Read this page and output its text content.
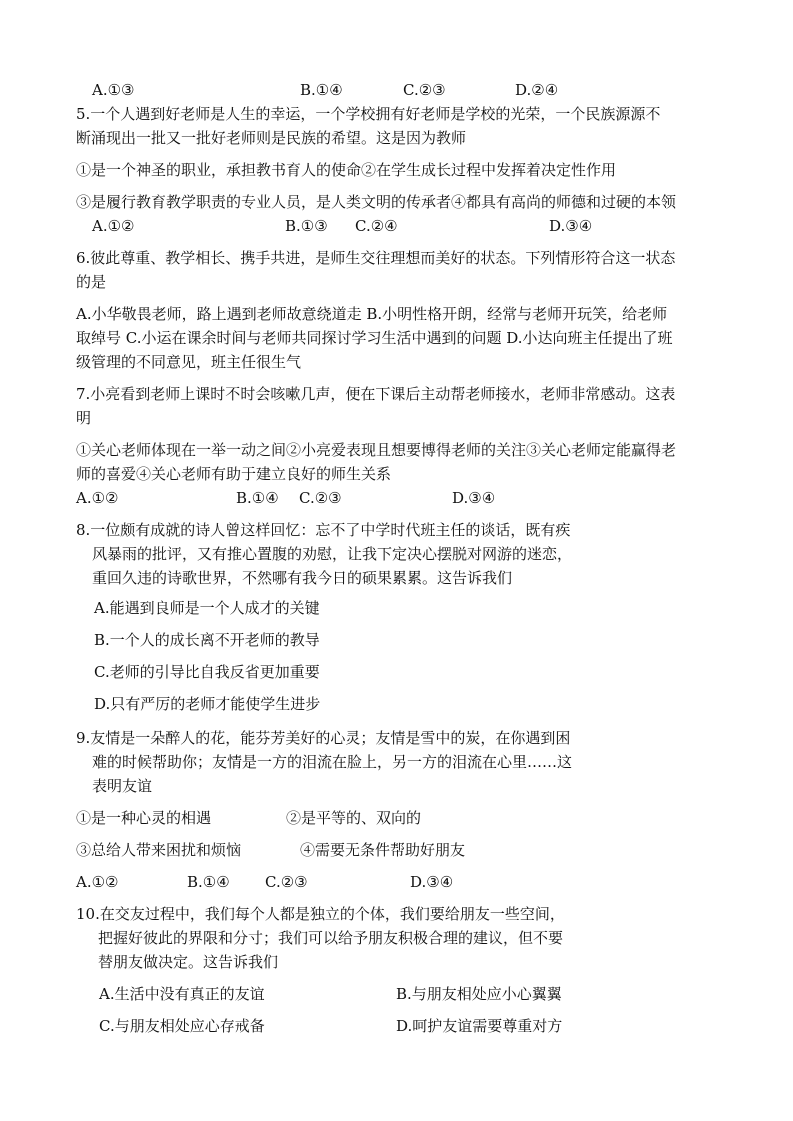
A.①③	B.①④	C.②③	D.②④
5.一个人遇到好老师是人生的幸运，一个学校拥有好老师是学校的光荣，一个民族源源不
断涌现出一批又一批好老师则是民族的希望。这是因为教师
①是一个神圣的职业，承担教书育人的使命②在学生成长过程中发挥着决定性作用
③是履行教育教学职责的专业人员，是人类文明的传承者④都具有高尚的师德和过硬的本领
A.①②	B.①③ C.②④	D.③④
6.彼此尊重、教学相长、携手共进，是师生交往理想而美好的状态。下列情形符合这一状态
的是
A.小华敬畏老师，路上遇到老师故意绕道走 B.小明性格开朗，经常与老师开玩笑，给老师
取绰号 C.小运在课余时间与老师共同探讨学习生活中遇到的问题 D.小达向班主任提出了班
级管理的不同意见，班主任很生气
7.小亮看到老师上课时不时会咳嗽几声，便在下课后主动帮老师接水，老师非常感动。这表
明
①关心老师体现在一举一动之间②小亮爱表现且想要博得老师的关注③关心老师定能赢得老
师的喜爱④关心老师有助于建立良好的师生关系
A.①②	B.①④ C.②③	D.③④
8.一位颇有成就的诗人曾这样回忆：忘不了中学时代班主任的谈话，既有疾
风暴雨的批评，又有推心置腹的劝慰，让我下定决心摆脱对网游的迷恋，
重回久违的诗歌世界，不然哪有我今日的硕果累累。这告诉我们
A.能遇到良师是一个人成才的关键
B.一个人的成长离不开老师的教导
C.老师的引导比自我反省更加重要
D.只有严厉的老师才能使学生进步
9.友情是一朵醉人的花，能芬芳美好的心灵；友情是雪中的炭，在你遇到困
难的时候帮助你；友情是一方的泪流在脸上，另一方的泪流在心里……这
表明友谊
①是一种心灵的相遇	②是平等的、双向的
③总给人带来困扰和烦恼	④需要无条件帮助好朋友
A.①②	B.①④ C.②③	D.③④
10.在交友过程中，我们每个人都是独立的个体，我们要给朋友一些空间，
把握好彼此的界限和分寸；我们可以给予朋友积极合理的建议，但不要
替朋友做决定。这告诉我们
A.生活中没有真正的友谊	B.与朋友相处应小心翼翼
C.与朋友相处应心存戒备	D.呵护友谊需要尊重对方
